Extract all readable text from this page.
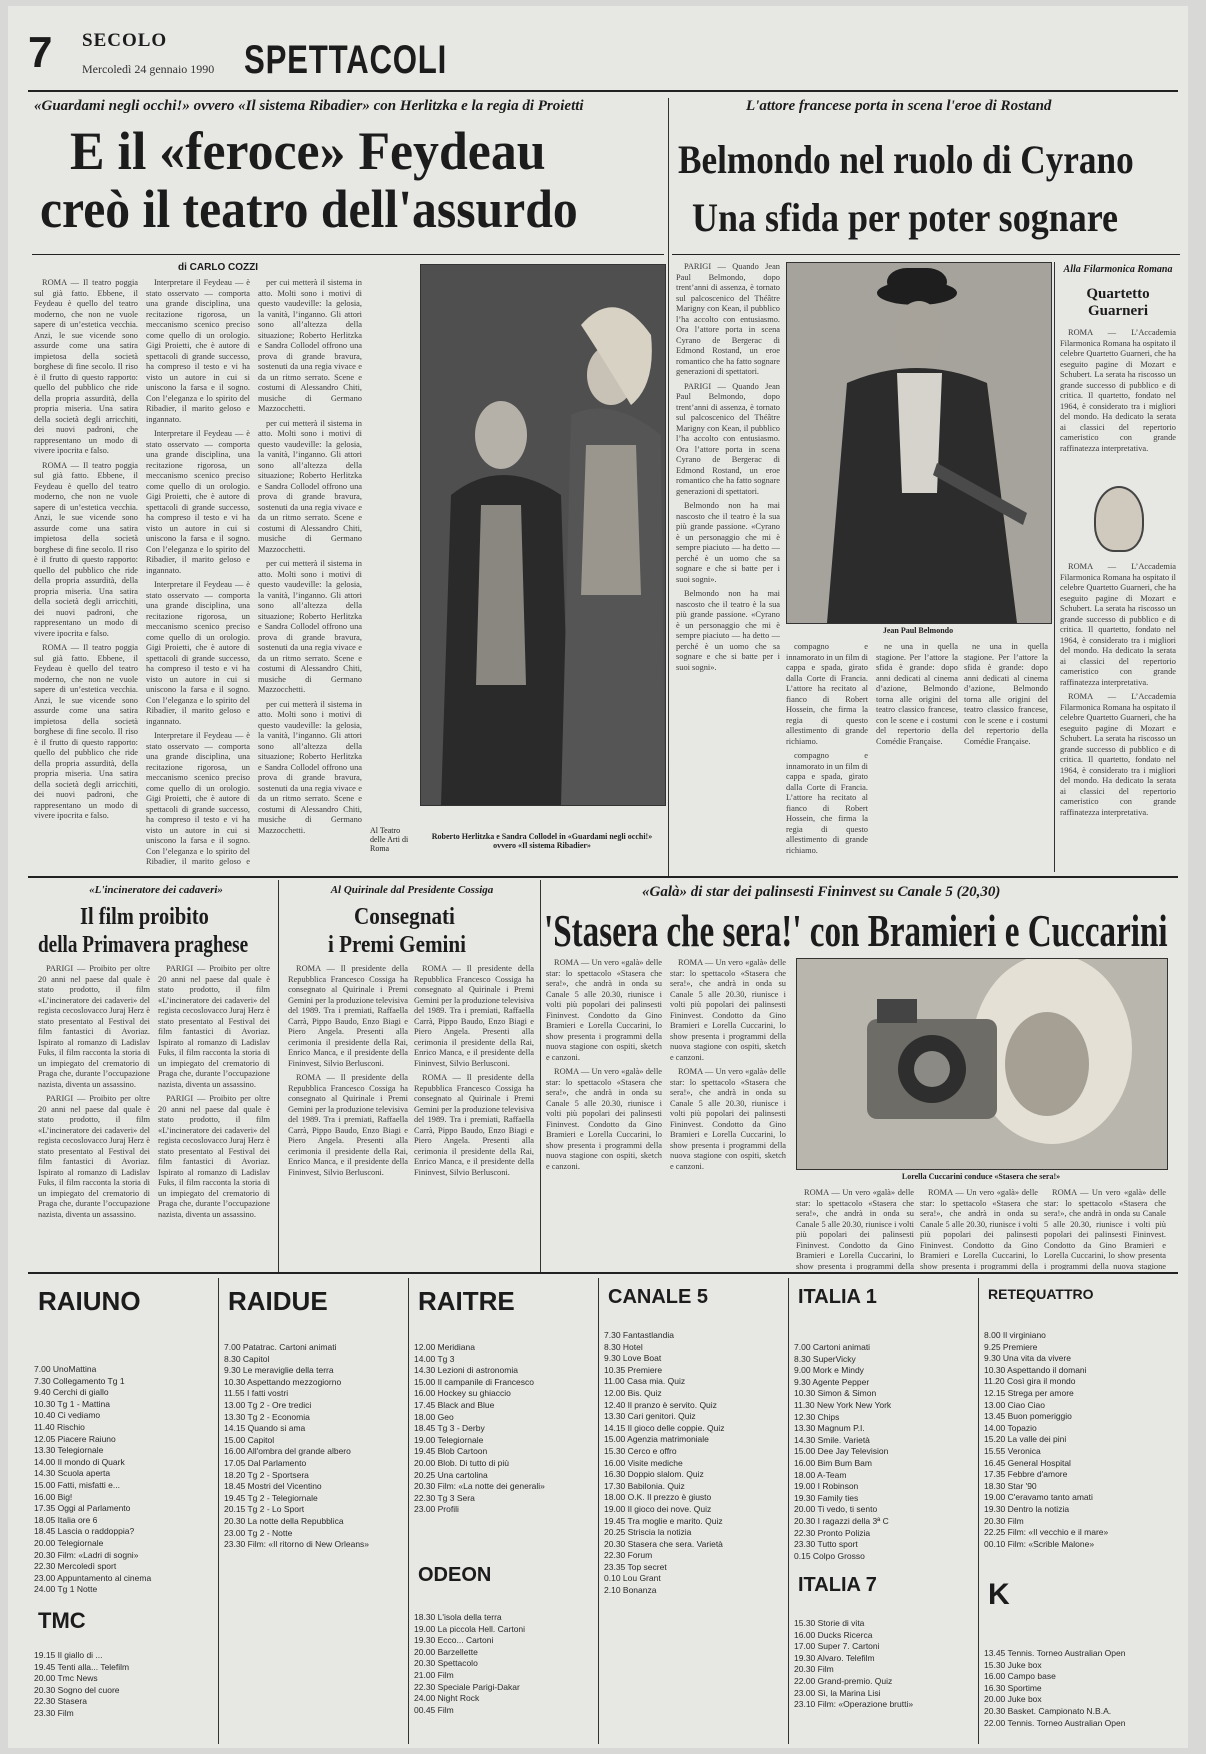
7 SECOLO
Mercoledì 24 gennaio 1990 SPETTACOLI
«Guardami negli occhi!» ovvero «Il sistema Ribadier» con Herlitzka e la regia di Proietti
E il «feroce» Feydeau
creò il teatro dell'assurdo
di CARLO COZZI

ROMA — Il teatro poggia sul già fatto. Ebbene, il Feydeau è quello del teatro moderno, che non ne vuole sapere di un’estetica vecchia. Anzi, le sue vicende sono assurde come una satira impietosa della società borghese di fine secolo. Il riso è il frutto di questo rapporto: quello del pubblico che ride della propria assurdità, della propria miseria. Una satira della società degli arricchiti, dei nuovi padroni, che rappresentano un modo di vivere ipocrita e falso.

ROMA — Il teatro poggia sul già fatto. Ebbene, il Feydeau è quello del teatro moderno, che non ne vuole sapere di un’estetica vecchia. Anzi, le sue vicende sono assurde come una satira impietosa della società borghese di fine secolo. Il riso è il frutto di questo rapporto: quello del pubblico che ride della propria assurdità, della propria miseria. Una satira della società degli arricchiti, dei nuovi padroni, che rappresentano un modo di vivere ipocrita e falso.

ROMA — Il teatro poggia sul già fatto. Ebbene, il Feydeau è quello del teatro moderno, che non ne vuole sapere di un’estetica vecchia. Anzi, le sue vicende sono assurde come una satira impietosa della società borghese di fine secolo. Il riso è il frutto di questo rapporto: quello del pubblico che ride della propria assurdità, della propria miseria. Una satira della società degli arricchiti, dei nuovi padroni, che rappresentano un modo di vivere ipocrita e falso.

Interpretare il Feydeau — è stato osservato — comporta una grande disciplina, una recitazione rigorosa, un meccanismo scenico preciso come quello di un orologio. Gigi Proietti, che è autore di spettacoli di grande successo, ha compreso il testo e vi ha visto un autore in cui si uniscono la farsa e il sogno. Con l’eleganza e lo spirito del Ribadier, il marito geloso e ingannato.

Interpretare il Feydeau — è stato osservato — comporta una grande disciplina, una recitazione rigorosa, un meccanismo scenico preciso come quello di un orologio. Gigi Proietti, che è autore di spettacoli di grande successo, ha compreso il testo e vi ha visto un autore in cui si uniscono la farsa e il sogno. Con l’eleganza e lo spirito del Ribadier, il marito geloso e ingannato.

Interpretare il Feydeau — è stato osservato — comporta una grande disciplina, una recitazione rigorosa, un meccanismo scenico preciso come quello di un orologio. Gigi Proietti, che è autore di spettacoli di grande successo, ha compreso il testo e vi ha visto un autore in cui si uniscono la farsa e il sogno. Con l’eleganza e lo spirito del Ribadier, il marito geloso e ingannato.

Interpretare il Feydeau — è stato osservato — comporta una grande disciplina, una recitazione rigorosa, un meccanismo scenico preciso come quello di un orologio. Gigi Proietti, che è autore di spettacoli di grande successo, ha compreso il testo e vi ha visto un autore in cui si uniscono la farsa e il sogno. Con l’eleganza e lo spirito del Ribadier, il marito geloso e

per cui metterà il sistema in atto. Molti sono i motivi di questo vaudeville: la gelosia, la vanità, l’inganno. Gli attori sono all’altezza della situazione; Roberto Herlitzka e Sandra Collodel offrono una prova di grande bravura, sostenuti da una regia vivace e da un ritmo serrato. Scene e costumi di Alessandro Chiti, musiche di Germano Mazzocchetti.

per cui metterà il sistema in atto. Molti sono i motivi di questo vaudeville: la gelosia, la vanità, l’inganno. Gli attori sono all’altezza della situazione; Roberto Herlitzka e Sandra Collodel offrono una prova di grande bravura, sostenuti da una regia vivace e da un ritmo serrato. Scene e costumi di Alessandro Chiti, musiche di Germano Mazzocchetti.

per cui metterà il sistema in atto. Molti sono i motivi di questo vaudeville: la gelosia, la vanità, l’inganno. Gli attori sono all’altezza della situazione; Roberto Herlitzka e Sandra Collodel offrono una prova di grande bravura, sostenuti da una regia vivace e da un ritmo serrato. Scene e costumi di Alessandro Chiti, musiche di Germano Mazzocchetti.

per cui metterà il sistema in atto. Molti sono i motivi di questo vaudeville: la gelosia, la vanità, l’inganno. Gli attori sono all’altezza della situazione; Roberto Herlitzka e Sandra Collodel offrono una prova di grande bravura, sostenuti da una regia vivace e da un ritmo serrato. Scene e costumi di Alessandro Chiti, musiche di Germano Mazzocchetti.

Roberto Herlitzka e Sandra Collodel in «Guardami negli occhi!» ovvero «Il sistema Ribadier»
Al Teatro delle Arti di Roma
L'attore francese porta in scena l'eroe di Rostand
Belmondo nel ruolo di Cyrano
Una sfida per poter sognare

PARIGI — Quando Jean Paul Belmondo, dopo trent’anni di assenza, è tornato sul palcoscenico del Théâtre Marigny con Kean, il pubblico l’ha accolto con entusiasmo. Ora l’attore porta in scena Cyrano de Bergerac di Edmond Rostand, un eroe romantico che ha fatto sognare generazioni di spettatori.

PARIGI — Quando Jean Paul Belmondo, dopo trent’anni di assenza, è tornato sul palcoscenico del Théâtre Marigny con Kean, il pubblico l’ha accolto con entusiasmo. Ora l’attore porta in scena Cyrano de Bergerac di Edmond Rostand, un eroe romantico che ha fatto sognare generazioni di spettatori.

Belmondo non ha mai nascosto che il teatro è la sua più grande passione. «Cyrano è un personaggio che mi è sempre piaciuto — ha detto — perché è un uomo che sa sognare e che si batte per i suoi sogni».

Belmondo non ha mai nascosto che il teatro è la sua più grande passione. «Cyrano è un personaggio che mi è sempre piaciuto — ha detto — perché è un uomo che sa sognare e che si batte per i suoi sogni».

Jean Paul Belmondo

compagno e innamorato in un film di cappa e spada, girato dalla Corte di Francia. L’attore ha recitato al fianco di Robert Hossein, che firma la regia di questo allestimento di grande richiamo.

compagno e innamorato in un film di cappa e spada, girato dalla Corte di Francia. L’attore ha recitato al fianco di Robert Hossein, che firma la regia di questo allestimento di grande richiamo.

ne una in quella stagione. Per l’attore la sfida è grande: dopo anni dedicati al cinema d’azione, Belmondo torna alle origini del teatro classico francese, con le scene e i costumi del repertorio della Comédie Française.

ne una in quella stagione. Per l’attore la sfida è grande: dopo anni dedicati al cinema d’azione, Belmondo torna alle origini del teatro classico francese, con le scene e i costumi del repertorio della Comédie Française.

Alla Filarmonica Romana
Quartetto Guarneri

ROMA — L’Accademia Filarmonica Romana ha ospitato il celebre Quartetto Guarneri, che ha eseguito pagine di Mozart e Schubert. La serata ha riscosso un grande successo di pubblico e di critica. Il quartetto, fondato nel 1964, è considerato tra i migliori del mondo. Ha dedicato la serata ai classici del repertorio cameristico con grande raffinatezza interpretativa.

ROMA — L’Accademia Filarmonica Romana ha ospitato il celebre Quartetto Guarneri, che ha eseguito pagine di Mozart e Schubert. La serata ha riscosso un grande successo di pubblico e di critica. Il quartetto, fondato nel 1964, è considerato tra i migliori del mondo. Ha dedicato la serata ai classici del repertorio cameristico con grande raffinatezza interpretativa.

ROMA — L’Accademia Filarmonica Romana ha ospitato il celebre Quartetto Guarneri, che ha eseguito pagine di Mozart e Schubert. La serata ha riscosso un grande successo di pubblico e di critica. Il quartetto, fondato nel 1964, è considerato tra i migliori del mondo. Ha dedicato la serata ai classici del repertorio cameristico con grande raffinatezza interpretativa.

«L'incineratore dei cadaveri»
Il film proibito
della Primavera praghese

PARIGI — Proibito per oltre 20 anni nel paese dal quale è stato prodotto, il film «L’incineratore dei cadaveri» del regista cecoslovacco Juraj Herz è stato presentato al Festival dei film fantastici di Avoriaz. Ispirato al romanzo di Ladislav Fuks, il film racconta la storia di un impiegato del crematorio di Praga che, durante l’occupazione nazista, diventa un assassino.

PARIGI — Proibito per oltre 20 anni nel paese dal quale è stato prodotto, il film «L’incineratore dei cadaveri» del regista cecoslovacco Juraj Herz è stato presentato al Festival dei film fantastici di Avoriaz. Ispirato al romanzo di Ladislav Fuks, il film racconta la storia di un impiegato del crematorio di Praga che, durante l’occupazione nazista, diventa un assassino.

PARIGI — Proibito per oltre 20 anni nel paese dal quale è stato prodotto, il film «L’incineratore dei cadaveri» del regista cecoslovacco Juraj Herz è stato presentato al Festival dei film fantastici di Avoriaz. Ispirato al romanzo di Ladislav Fuks, il film racconta la storia di un impiegato del crematorio di Praga che, durante l’occupazione nazista, diventa un assassino.

PARIGI — Proibito per oltre 20 anni nel paese dal quale è stato prodotto, il film «L’incineratore dei cadaveri» del regista cecoslovacco Juraj Herz è stato presentato al Festival dei film fantastici di Avoriaz. Ispirato al romanzo di Ladislav Fuks, il film racconta la storia di un impiegato del crematorio di Praga che, durante l’occupazione nazista, diventa un assassino.

Al Quirinale dal Presidente Cossiga
Consegnati
i Premi Gemini

ROMA — Il presidente della Repubblica Francesco Cossiga ha consegnato al Quirinale i Premi Gemini per la produzione televisiva del 1989. Tra i premiati, Raffaella Carrà, Pippo Baudo, Enzo Biagi e Piero Angela. Presenti alla cerimonia il presidente della Rai, Enrico Manca, e il presidente della Fininvest, Silvio Berlusconi.

ROMA — Il presidente della Repubblica Francesco Cossiga ha consegnato al Quirinale i Premi Gemini per la produzione televisiva del 1989. Tra i premiati, Raffaella Carrà, Pippo Baudo, Enzo Biagi e Piero Angela. Presenti alla cerimonia il presidente della Rai, Enrico Manca, e il presidente della Fininvest, Silvio Berlusconi.

ROMA — Il presidente della Repubblica Francesco Cossiga ha consegnato al Quirinale i Premi Gemini per la produzione televisiva del 1989. Tra i premiati, Raffaella Carrà, Pippo Baudo, Enzo Biagi e Piero Angela. Presenti alla cerimonia il presidente della Rai, Enrico Manca, e il presidente della Fininvest, Silvio Berlusconi.

ROMA — Il presidente della Repubblica Francesco Cossiga ha consegnato al Quirinale i Premi Gemini per la produzione televisiva del 1989. Tra i premiati, Raffaella Carrà, Pippo Baudo, Enzo Biagi e Piero Angela. Presenti alla cerimonia il presidente della Rai, Enrico Manca, e il presidente della Fininvest, Silvio Berlusconi.

«Galà» di star dei palinsesti Fininvest su Canale 5 (20,30)
'Stasera che sera!' con Bramieri e Cuccarini

ROMA — Un vero «galà» delle star: lo spettacolo «Stasera che sera!», che andrà in onda su Canale 5 alle 20.30, riunisce i volti più popolari dei palinsesti Fininvest. Condotto da Gino Bramieri e Lorella Cuccarini, lo show presenta i programmi della nuova stagione con ospiti, sketch e canzoni.

ROMA — Un vero «galà» delle star: lo spettacolo «Stasera che sera!», che andrà in onda su Canale 5 alle 20.30, riunisce i volti più popolari dei palinsesti Fininvest. Condotto da Gino Bramieri e Lorella Cuccarini, lo show presenta i programmi della nuova stagione con ospiti, sketch e canzoni.

ROMA — Un vero «galà» delle star: lo spettacolo «Stasera che sera!», che andrà in onda su Canale 5 alle 20.30, riunisce i volti più popolari dei palinsesti Fininvest. Condotto da Gino Bramieri e Lorella Cuccarini, lo show presenta i programmi della nuova stagione con ospiti, sketch e canzoni.

ROMA — Un vero «galà» delle star: lo spettacolo «Stasera che sera!», che andrà in onda su Canale 5 alle 20.30, riunisce i volti più popolari dei palinsesti Fininvest. Condotto da Gino Bramieri e Lorella Cuccarini, lo show presenta i programmi della nuova stagione con ospiti, sketch e canzoni.

Lorella Cuccarini conduce «Stasera che sera!»

ROMA — Un vero «galà» delle star: lo spettacolo «Stasera che sera!», che andrà in onda su Canale 5 alle 20.30, riunisce i volti più popolari dei palinsesti Fininvest. Condotto da Gino Bramieri e Lorella Cuccarini, lo show presenta i programmi della

ROMA — Un vero «galà» delle star: lo spettacolo «Stasera che sera!», che andrà in onda su Canale 5 alle 20.30, riunisce i volti più popolari dei palinsesti Fininvest. Condotto da Gino Bramieri e Lorella Cuccarini, lo show presenta i programmi della

ROMA — Un vero «galà» delle star: lo spettacolo «Stasera che sera!», che andrà in onda su Canale 5 alle 20.30, riunisce i volti più popolari dei palinsesti Fininvest. Condotto da Gino Bramieri e Lorella Cuccarini, lo show presenta i programmi della nuova stagione

RAIUNO
7.00 UnoMattina
7.30 Collegamento Tg 1
9.40 Cerchi di giallo
10.30 Tg 1 - Mattina
10.40 Ci vediamo
11.40 Rischio
12.05 Piacere Raiuno
13.30 Telegiornale
14.00 Il mondo di Quark
14.30 Scuola aperta
15.00 Fatti, misfatti e...
16.00 Big!
17.35 Oggi al Parlamento
18.05 Italia ore 6
18.45 Lascia o raddoppia?
20.00 Telegiornale
20.30 Film: «Ladri di sogni»
22.30 Mercoledì sport
23.00 Appuntamento al cinema
24.00 Tg 1 Notte
TMC
19.15 Il giallo di ...
19.45 Tenti alla... Telefilm
20.00 Tmc News
20.30 Sogno del cuore
22.30 Stasera
23.30 Film
RAIDUE
7.00 Patatrac. Cartoni animati
8.30 Capitol
9.30 Le meraviglie della terra
10.30 Aspettando mezzogiorno
11.55 I fatti vostri
13.00 Tg 2 - Ore tredici
13.30 Tg 2 - Economia
14.15 Quando si ama
15.00 Capitol
16.00 All'ombra del grande albero
17.05 Dal Parlamento
18.20 Tg 2 - Sportsera
18.45 Mostri del Vicentino
19.45 Tg 2 - Telegiornale
20.15 Tg 2 - Lo Sport
20.30 La notte della Repubblica
23.00 Tg 2 - Notte
23.30 Film: «Il ritorno di New Orleans»
RAITRE
12.00 Meridiana
14.00 Tg 3
14.30 Lezioni di astronomia
15.00 Il campanile di Francesco
16.00 Hockey su ghiaccio
17.45 Black and Blue
18.00 Geo
18.45 Tg 3 - Derby
19.00 Telegiornale
19.45 Blob Cartoon
20.00 Blob. Di tutto di più
20.25 Una cartolina
20.30 Film: «La notte dei generali»
22.30 Tg 3 Sera
23.00 Profili
ODEON
18.30 L'isola della terra
19.00 La piccola Hell. Cartoni
19.30 Ecco... Cartoni
20.00 Barzellette
20.30 Spettacolo
21.00 Film
22.30 Speciale Parigi-Dakar
24.00 Night Rock
00.45 Film
CANALE 5
7.30 Fantastlandia
8.30 Hotel
9.30 Love Boat
10.35 Premiere
11.00 Casa mia. Quiz
12.00 Bis. Quiz
12.40 Il pranzo è servito. Quiz
13.30 Cari genitori. Quiz
14.15 Il gioco delle coppie. Quiz
15.00 Agenzia matrimoniale
15.30 Cerco e offro
16.00 Visite mediche
16.30 Doppio slalom. Quiz
17.30 Babilonia. Quiz
18.00 O.K. Il prezzo è giusto
19.00 Il gioco dei nove. Quiz
19.45 Tra moglie e marito. Quiz
20.25 Striscia la notizia
20.30 Stasera che sera. Varietà
22.30 Forum
23.35 Top secret
0.10 Lou Grant
2.10 Bonanza
ITALIA 1
7.00 Cartoni animati
8.30 SuperVicky
9.00 Mork e Mindy
9.30 Agente Pepper
10.30 Simon & Simon
11.30 New York New York
12.30 Chips
13.30 Magnum P.I.
14.30 Smile. Varietà
15.00 Dee Jay Television
16.00 Bim Bum Bam
18.00 A-Team
19.00 I Robinson
19.30 Family ties
20.00 Ti vedo, ti sento
20.30 I ragazzi della 3ª C
22.30 Pronto Polizia
23.30 Tutto sport
0.15 Colpo Grosso
ITALIA 7
15.30 Storie di vita
16.00 Ducks Ricerca
17.00 Super 7. Cartoni
19.30 Alvaro. Telefilm
20.30 Film
22.00 Grand-premio. Quiz
23.00 Sì, la Marina Lisi
23.10 Film: «Operazione brutti»
RETEQUATTRO
8.00 Il virginiano
9.25 Premiere
9.30 Una vita da vivere
10.30 Aspettando il domani
11.20 Così gira il mondo
12.15 Strega per amore
13.00 Ciao Ciao
13.45 Buon pomeriggio
14.00 Topazio
15.20 La valle dei pini
15.55 Veronica
16.45 General Hospital
17.35 Febbre d'amore
18.30 Star '90
19.00 C'eravamo tanto amati
19.30 Dentro la notizia
20.30 Film
22.25 Film: «Il vecchio e il mare»
00.10 Film: «Scrible Malone»
K
13.45 Tennis. Torneo Australian Open
15.30 Juke box
16.00 Campo base
16.30 Sportime
20.00 Juke box
20.30 Basket. Campionato N.B.A.
22.00 Tennis. Torneo Australian Open
